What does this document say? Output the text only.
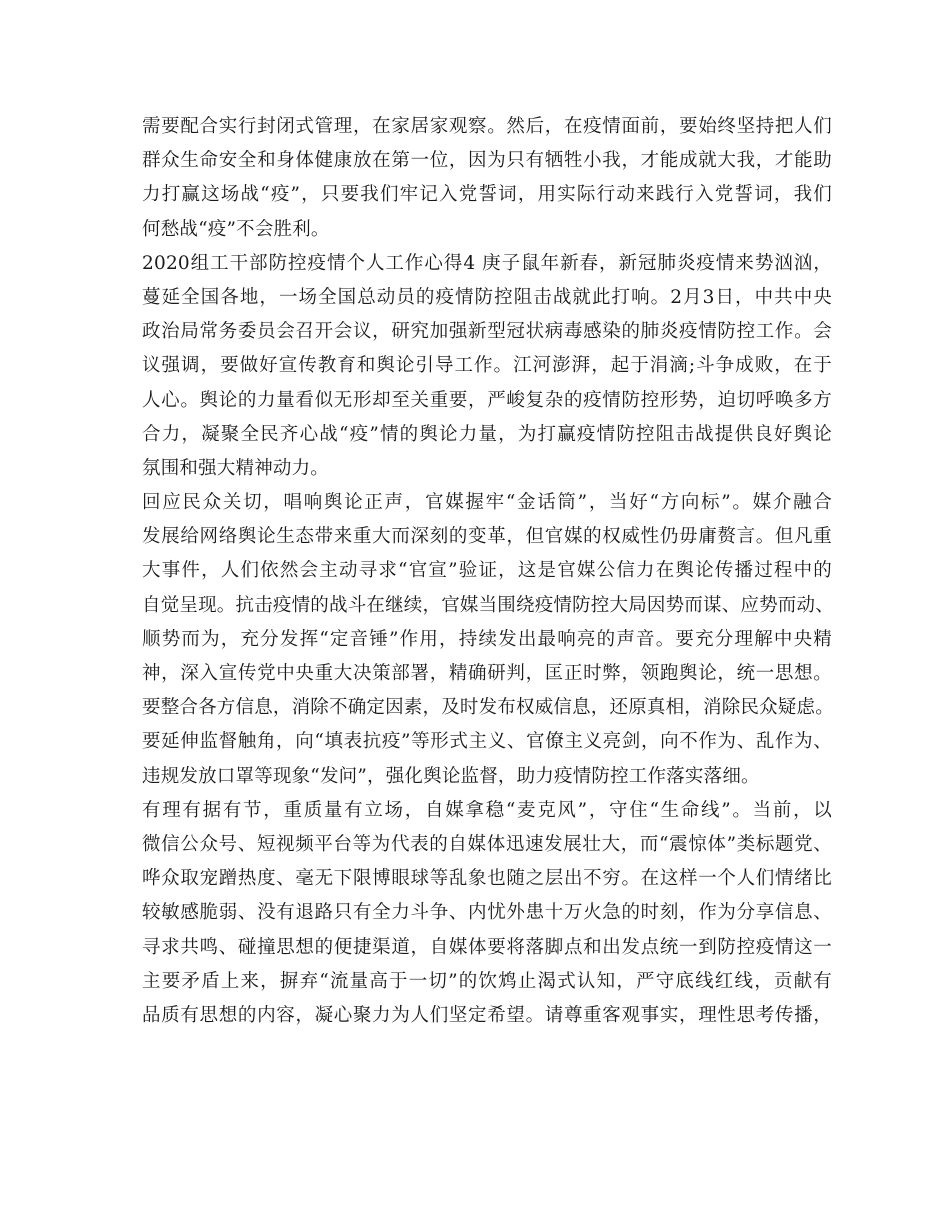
需要配合实行封闭式管理，在家居家观察。然后，在疫情面前，要始终坚持把人们
群众生命安全和身体健康放在第一位，因为只有牺牲小我，才能成就大我，才能助
力打赢这场战“疫”，只要我们牢记入党誓词，用实际行动来践行入党誓词，我们
何愁战“疫”不会胜利。
2020组工干部防控疫情个人工作心得4 庚子鼠年新春，新冠肺炎疫情来势汹汹，
蔓延全国各地，一场全国总动员的疫情防控阻击战就此打响。2月3日，中共中央
政治局常务委员会召开会议，研究加强新型冠状病毒感染的肺炎疫情防控工作。会
议强调，要做好宣传教育和舆论引导工作。江河澎湃，起于涓滴;斗争成败，在于
人心。舆论的力量看似无形却至关重要，严峻复杂的疫情防控形势，迫切呼唤多方
合力，凝聚全民齐心战“疫”情的舆论力量，为打赢疫情防控阻击战提供良好舆论
氛围和强大精神动力。
回应民众关切，唱响舆论正声，官媒握牢“金话筒”，当好“方向标”。媒介融合
发展给网络舆论生态带来重大而深刻的变革，但官媒的权威性仍毋庸赘言。但凡重
大事件，人们依然会主动寻求“官宣”验证，这是官媒公信力在舆论传播过程中的
自觉呈现。抗击疫情的战斗在继续，官媒当围绕疫情防控大局因势而谋、应势而动、
顺势而为，充分发挥“定音锤”作用，持续发出最响亮的声音。要充分理解中央精
神，深入宣传党中央重大决策部署，精确研判，匡正时弊，领跑舆论，统一思想。
要整合各方信息，消除不确定因素，及时发布权威信息，还原真相，消除民众疑虑。
要延伸监督触角，向“填表抗疫”等形式主义、官僚主义亮剑，向不作为、乱作为、
违规发放口罩等现象“发问”，强化舆论监督，助力疫情防控工作落实落细。
有理有据有节，重质量有立场，自媒拿稳“麦克风”，守住“生命线”。当前，以
微信公众号、短视频平台等为代表的自媒体迅速发展壮大，而“震惊体”类标题党、
哗众取宠蹭热度、毫无下限博眼球等乱象也随之层出不穷。在这样一个人们情绪比
较敏感脆弱、没有退路只有全力斗争、内忧外患十万火急的时刻，作为分享信息、
寻求共鸣、碰撞思想的便捷渠道，自媒体要将落脚点和出发点统一到防控疫情这一
主要矛盾上来，摒弃“流量高于一切”的饮鸩止渴式认知，严守底线红线，贡献有
品质有思想的内容，凝心聚力为人们坚定希望。请尊重客观事实，理性思考传播，
